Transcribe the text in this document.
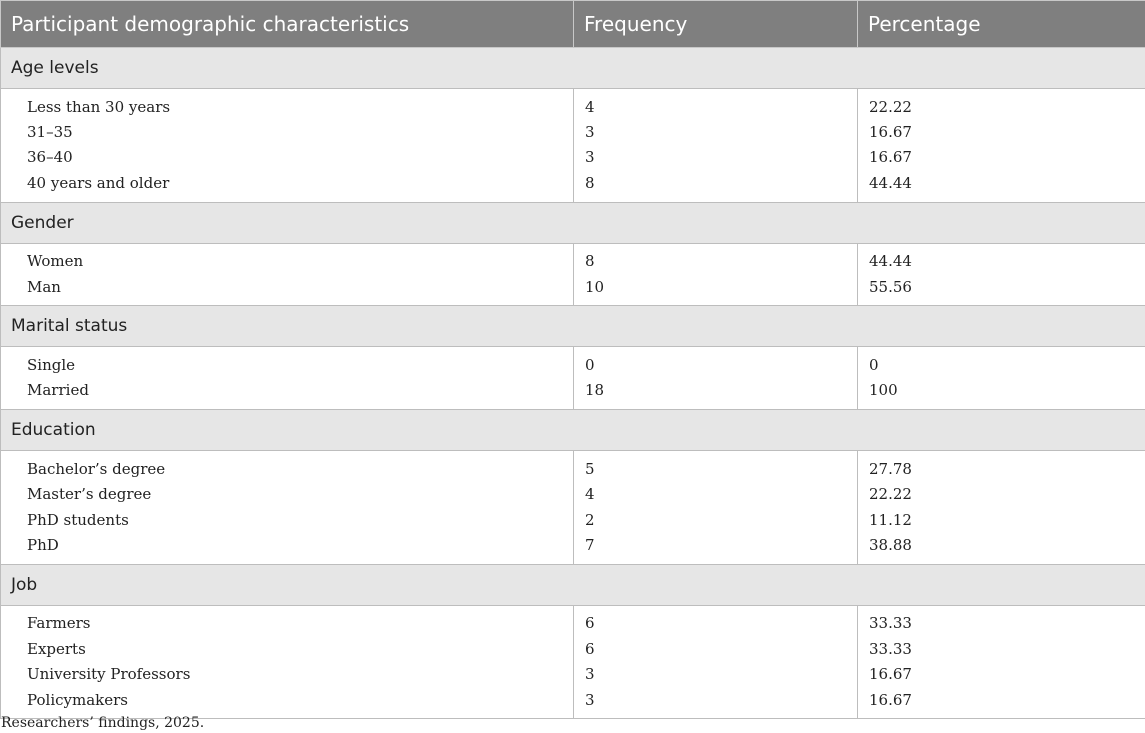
Participant demographic characteristics	Frequency	Percentage
Age levels		
Less than 30 years	4	22.22
31–35	3	16.67
36–40	3	16.67
40 years and older	8	44.44
Gender		
Women	8	44.44
Man	10	55.56
Marital status		
Single	0	0
Married	18	100
Education		
Bachelor’s degree	5	27.78
Master’s degree	4	22.22
PhD students	2	11.12
PhD	7	38.88
Job		
Farmers	6	33.33
Experts	6	33.33
University Professors	3	16.67
Policymakers	3	16.67
Researchers’ findings, 2025.
